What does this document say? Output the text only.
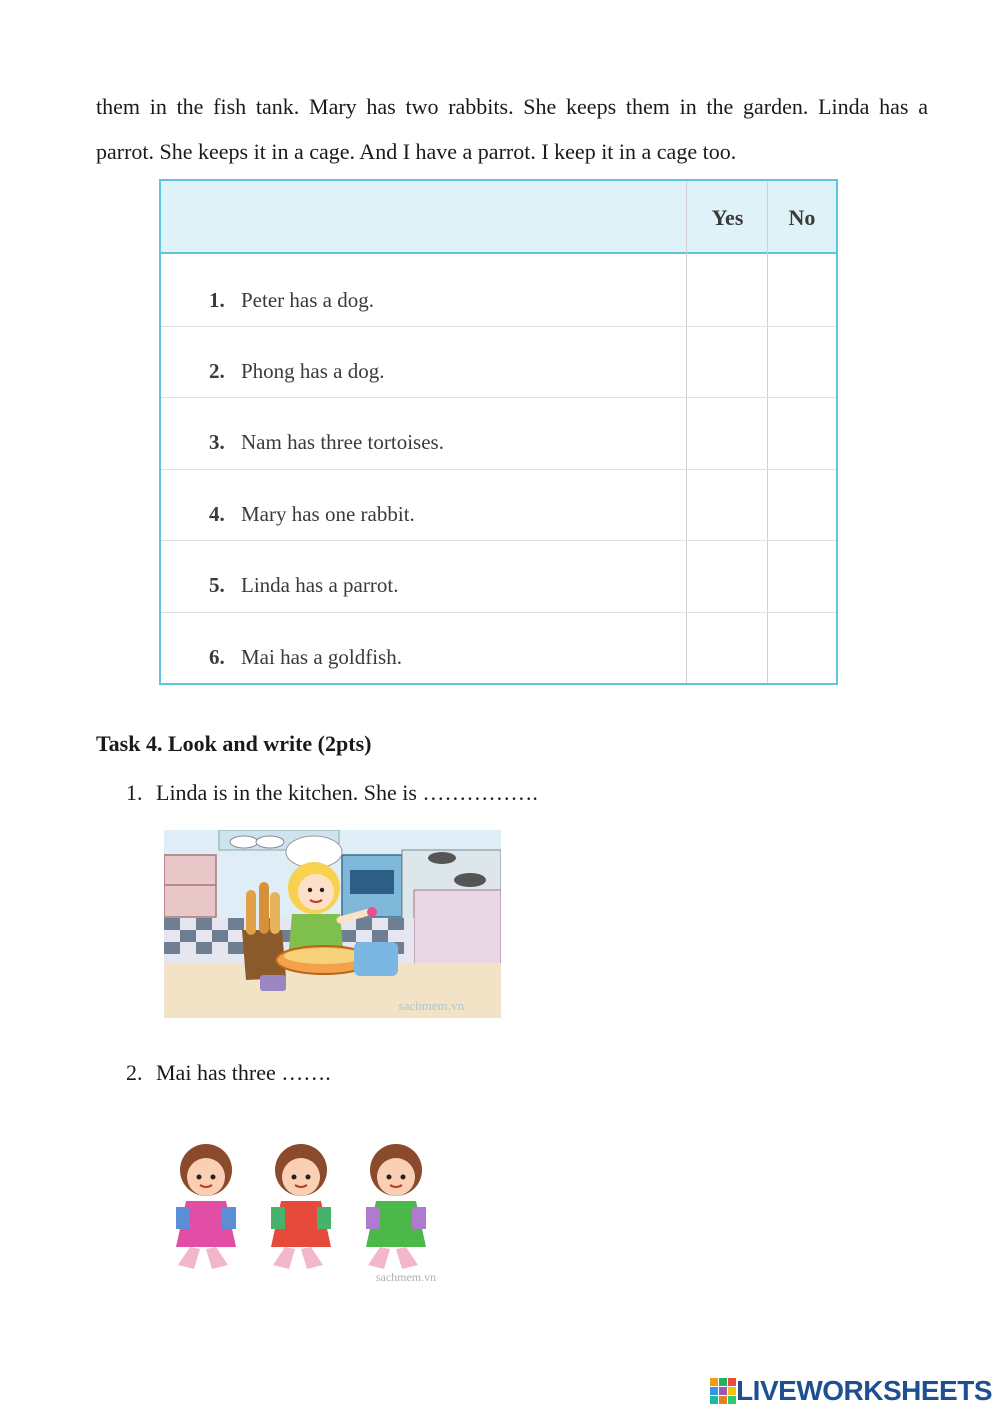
them in the fish tank. Mary has two rabbits. She keeps them in the garden. Linda has a
parrot. She keeps it in a cage. And I have a parrot. I keep it in a cage too.
Yes	No
1. Peter has a dog.
2. Phong has a dog.
3. Nam has three tortoises.
4. Mary has one rabbit.
5. Linda has a parrot.
6. Mai has a goldfish.
Task 4. Look and write (2pts)
1. Linda is in the kitchen. She is …………….
sachmem.vn
2. Mai has three …….
sachmem.vn
LIVEWORKSHEETS
